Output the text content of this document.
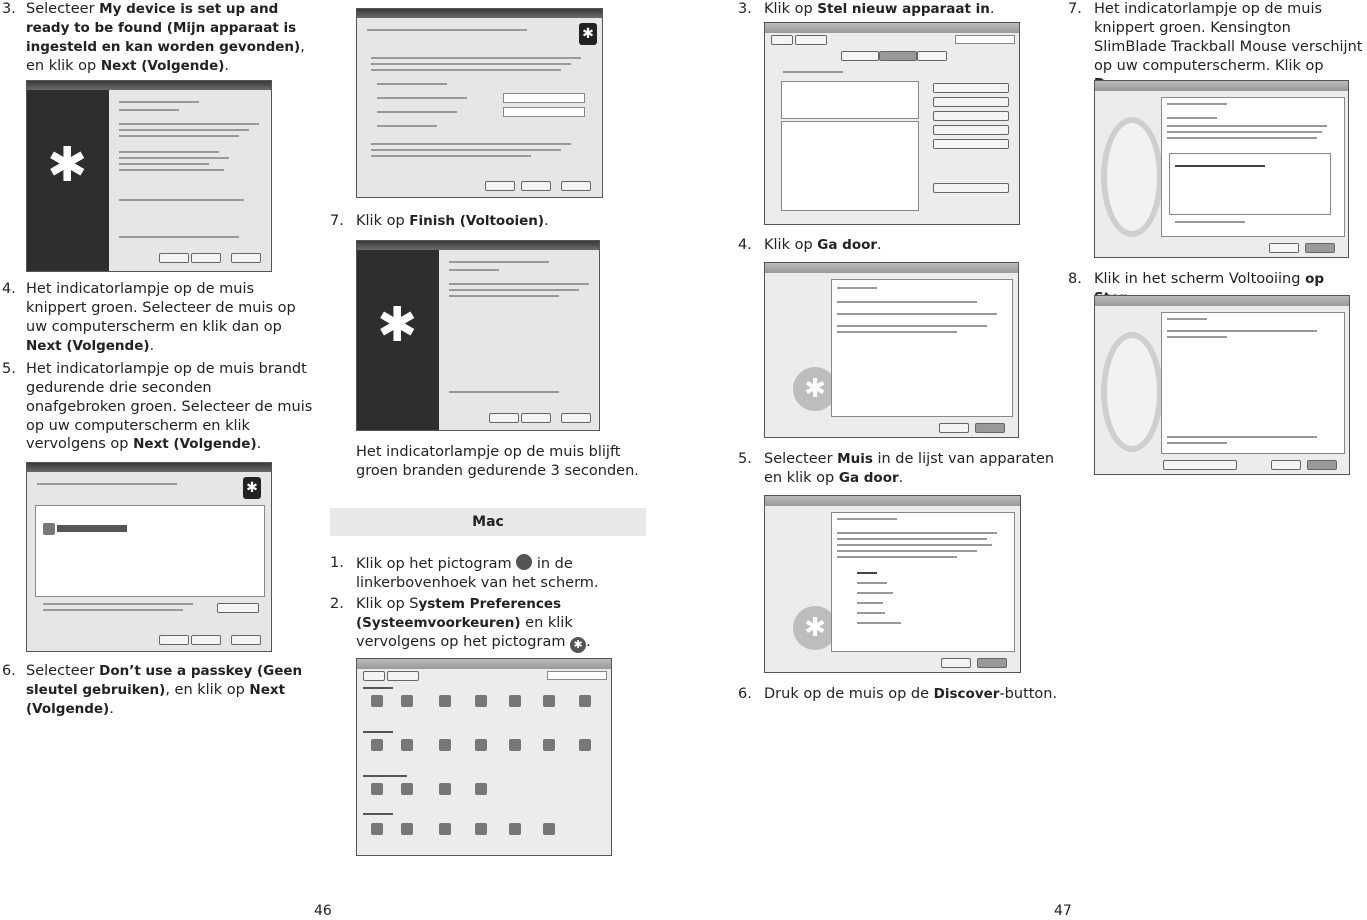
3. Selecteer My device is set up and ready to be found (Mijn apparaat is ingesteld en kan worden gevonden), en klik op Next (Volgende).
✱
4. Het indicatorlampje op de muis knippert groen. Selecteer de muis op uw computerscherm en klik dan op Next (Volgende).
5. Het indicatorlampje op de muis brandt gedurende drie seconden onafgebroken groen. Selecteer de muis op uw computerscherm en klik vervolgens op Next (Volgende).
✱
6. Selecteer Don’t use a passkey (Geen sleutel gebruiken), en klik op Next (Volgende).
✱
7. Klik op Finish (Voltooien).
✱
Het indicatorlampje op de muis blijft groen branden gedurende 3 seconden.
Mac
1. Klik op het pictogram  in de linkerbovenhoek van het scherm.
2. Klik op System Preferences (Systeemvoorkeuren) en klik vervolgens op het pictogram ✱ .
46
3. Klik op Stel nieuw apparaat in.
4. Klik op Ga door.
✱
5. Selecteer Muis in de lijst van apparaten en klik op Ga door.
✱
6. Druk op de muis op de Discover-button.
7. Het indicatorlampje op de muis knippert groen. Kensington SlimBlade Trackball Mouse verschijnt op uw computerscherm. Klik op
8. Klik in het scherm Voltooiing op
47
